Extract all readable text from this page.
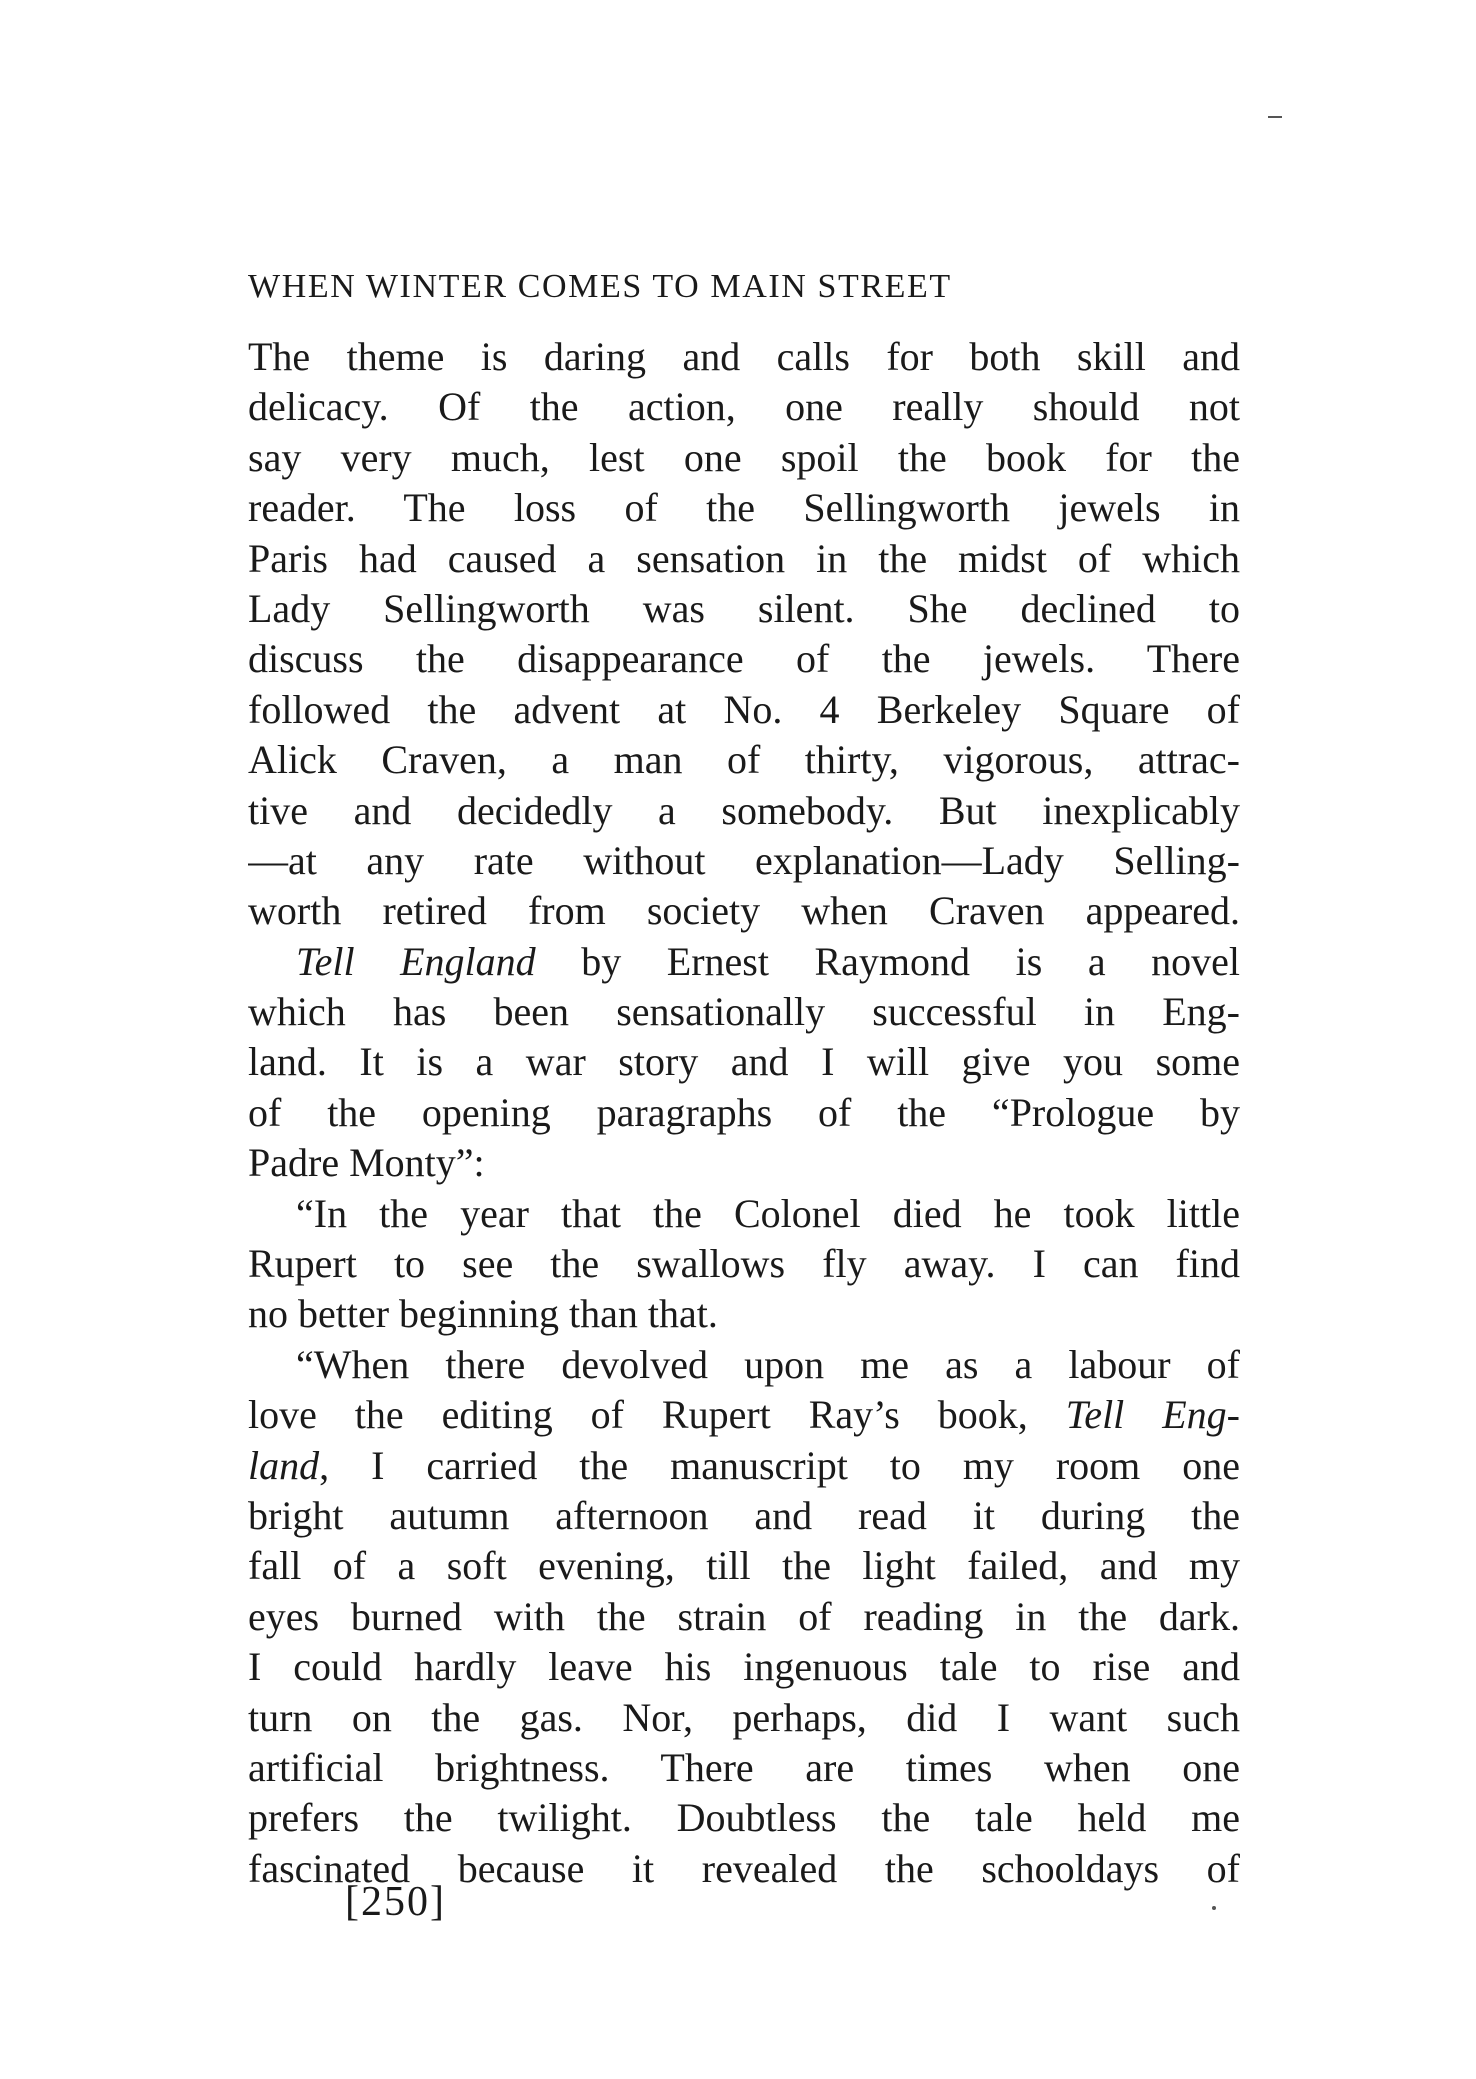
WHEN WINTER COMES TO MAIN STREET
The theme is daring and calls for both skill and
delicacy. Of the action, one really should not
say very much, lest one spoil the book for the
reader. The loss of the Sellingworth jewels in
Paris had caused a sensation in the midst of which
Lady Sellingworth was silent. She declined to
discuss the disappearance of the jewels. There
followed the advent at No. 4 Berkeley Square of
Alick Craven, a man of thirty, vigorous, attrac-
tive and decidedly a somebody. But inexplicably
—at any rate without explanation—Lady Selling-
worth retired from society when Craven appeared.
Tell England by Ernest Raymond is a novel
which has been sensationally successful in Eng-
land. It is a war story and I will give you some
of the opening paragraphs of the “Prologue by
Padre Monty”:
“In the year that the Colonel died he took little
Rupert to see the swallows fly away. I can find
no better beginning than that.
“When there devolved upon me as a labour of
love the editing of Rupert Ray’s book, Tell Eng-
land, I carried the manuscript to my room one
bright autumn afternoon and read it during the
fall of a soft evening, till the light failed, and my
eyes burned with the strain of reading in the dark.
I could hardly leave his ingenuous tale to rise and
turn on the gas. Nor, perhaps, did I want such
artificial brightness. There are times when one
prefers the twilight. Doubtless the tale held me
fascinated because it revealed the schooldays of
[250]
